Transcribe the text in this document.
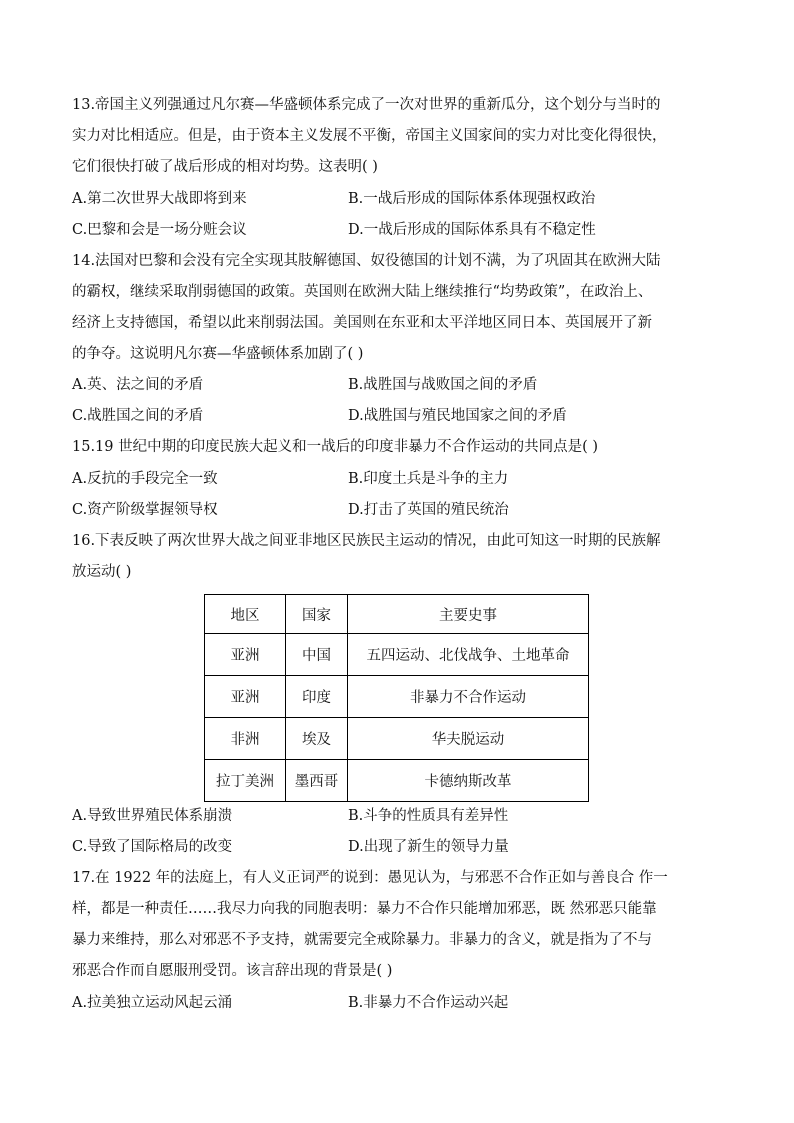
13.帝国主义列强通过凡尔赛—华盛顿体系完成了一次对世界的重新瓜分，这个划分与当时的
实力对比相适应。但是，由于资本主义发展不平衡，帝国主义国家间的实力对比变化得很快，
它们很快打破了战后形成的相对均势。这表明( )
A.第二次世界大战即将到来	B.一战后形成的国际体系体现强权政治
C.巴黎和会是一场分赃会议	D.一战后形成的国际体系具有不稳定性
14.法国对巴黎和会没有完全实现其肢解德国、奴役德国的计划不满，为了巩固其在欧洲大陆
的霸权，继续采取削弱德国的政策。英国则在欧洲大陆上继续推行“均势政策”，在政治上、
经济上支持德国，希望以此来削弱法国。美国则在东亚和太平洋地区同日本、英国展开了新
的争夺。这说明凡尔赛—华盛顿体系加剧了( )
A.英、法之间的矛盾	B.战胜国与战败国之间的矛盾
C.战胜国之间的矛盾	D.战胜国与殖民地国家之间的矛盾
15.19 世纪中期的印度民族大起义和一战后的印度非暴力不合作运动的共同点是( )
A.反抗的手段完全一致	B.印度土兵是斗争的主力
C.资产阶级掌握领导权	D.打击了英国的殖民统治
16.下表反映了两次世界大战之间亚非地区民族民主运动的情况，由此可知这一时期的民族解
放运动( )
地区	国家	主要史事
亚洲	中国	五四运动、北伐战争、土地革命
亚洲	印度	非暴力不合作运动
非洲	埃及	华夫脱运动
拉丁美洲	墨西哥	卡德纳斯改革
A.导致世界殖民体系崩溃	B.斗争的性质具有差异性
C.导致了国际格局的改变	D.出现了新生的领导力量
17.在 1922 年的法庭上，有人义正词严的说到：愚见认为，与邪恶不合作正如与善良合 作一
样，都是一种责任……我尽力向我的同胞表明：暴力不合作只能增加邪恶，既 然邪恶只能靠
暴力来维持，那么对邪恶不予支持，就需要完全戒除暴力。非暴力的含义，就是指为了不与
邪恶合作而自愿服刑受罚。该言辞出现的背景是( )
A.拉美独立运动风起云涌	B.非暴力不合作运动兴起
